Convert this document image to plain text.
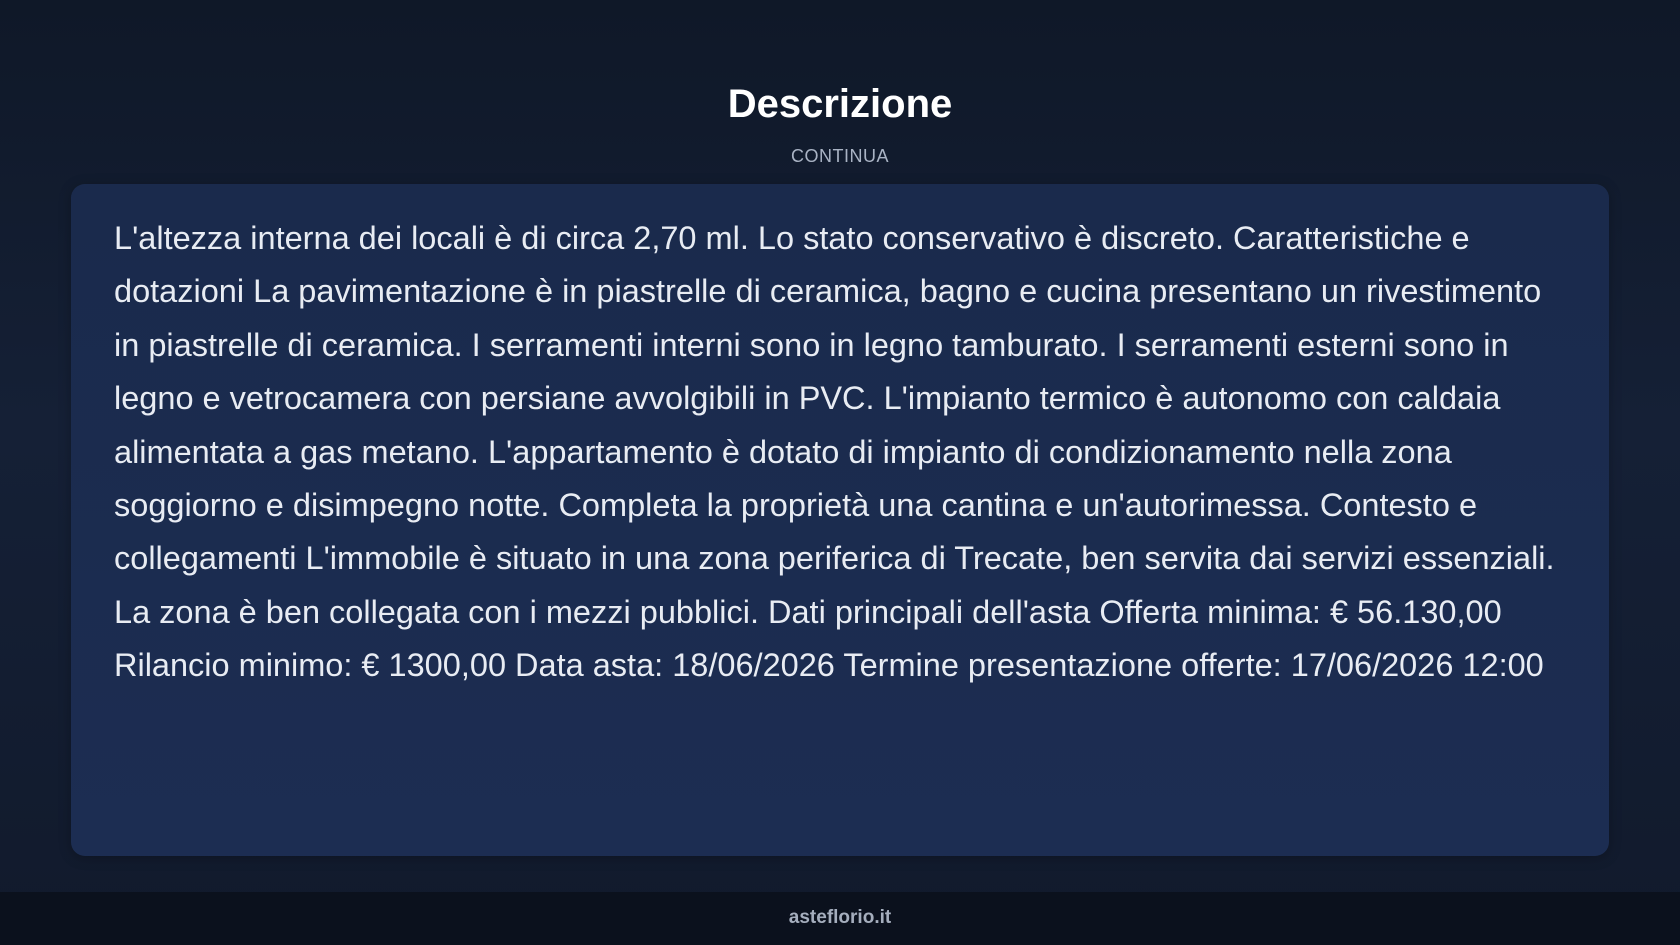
Descrizione
CONTINUA

L'altezza interna dei locali è di circa 2,70 ml. Lo stato conservativo è discreto. Caratteristiche e dotazioni La pavimentazione è in piastrelle di ceramica, bagno e cucina presentano un rivestimento in piastrelle di ceramica. I serramenti interni sono in legno tamburato. I serramenti esterni sono in legno e vetrocamera con persiane avvolgibili in PVC. L'impianto termico è autonomo con caldaia alimentata a gas metano. L'appartamento è dotato di impianto di condizionamento nella zona soggiorno e disimpegno notte. Completa la proprietà una cantina e un'autorimessa. Contesto e collegamenti L'immobile è situato in una zona periferica di Trecate, ben servita dai servizi essenziali. La zona è ben collegata con i mezzi pubblici. Dati principali dell'asta Offerta minima: € 56.130,00 Rilancio minimo: € 1300,00 Data asta: 18/06/2026 Termine presentazione offerte: 17/06/2026 12:00

asteflorio.it
